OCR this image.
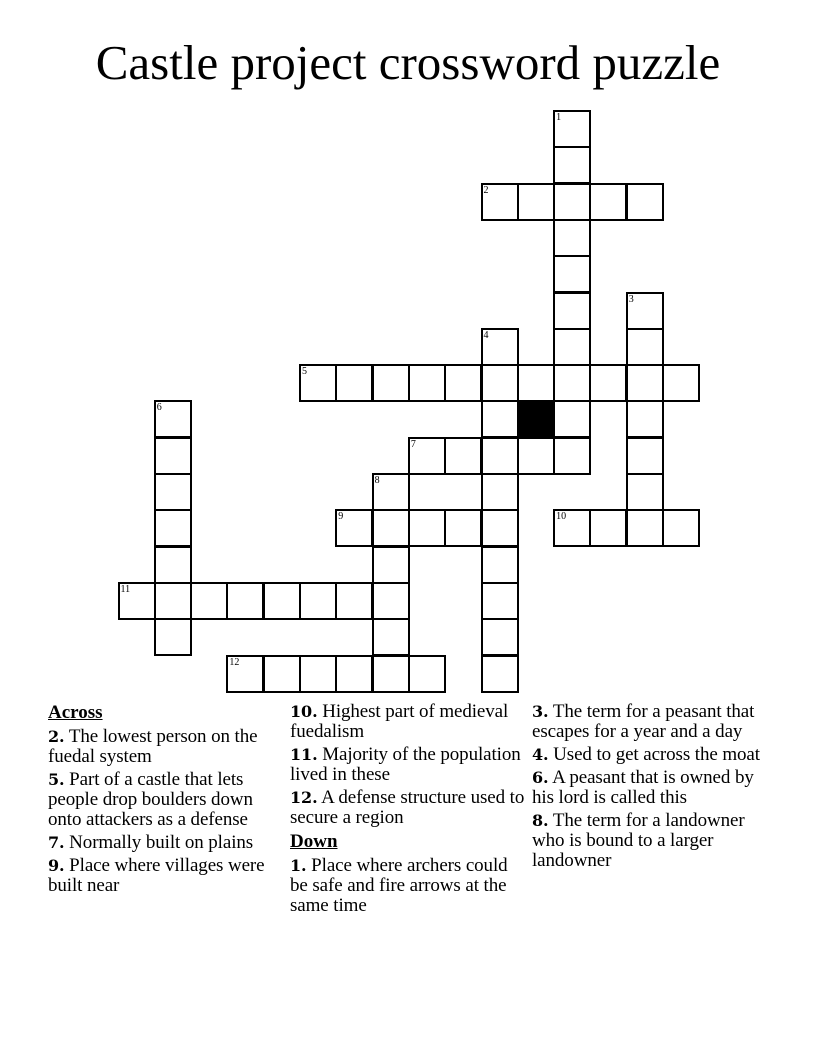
Castle project crossword puzzle
1
2
3
4
5
6
7
8
9	10
11
12
Across
2. The lowest person on the fuedal system
5. Part of a castle that lets people drop boulders down onto attackers as a defense
7. Normally built on plains
9. Place where villages were built near
10. Highest part of medieval fuedalism
11. Majority of the population lived in these
12. A defense structure used to secure a region
Down
1. Place where archers could be safe and fire arrows at the same time
3. The term for a peasant that escapes for a year and a day
4. Used to get across the moat
6. A peasant that is owned by his lord is called this
8. The term for a landowner who is bound to a larger landowner
